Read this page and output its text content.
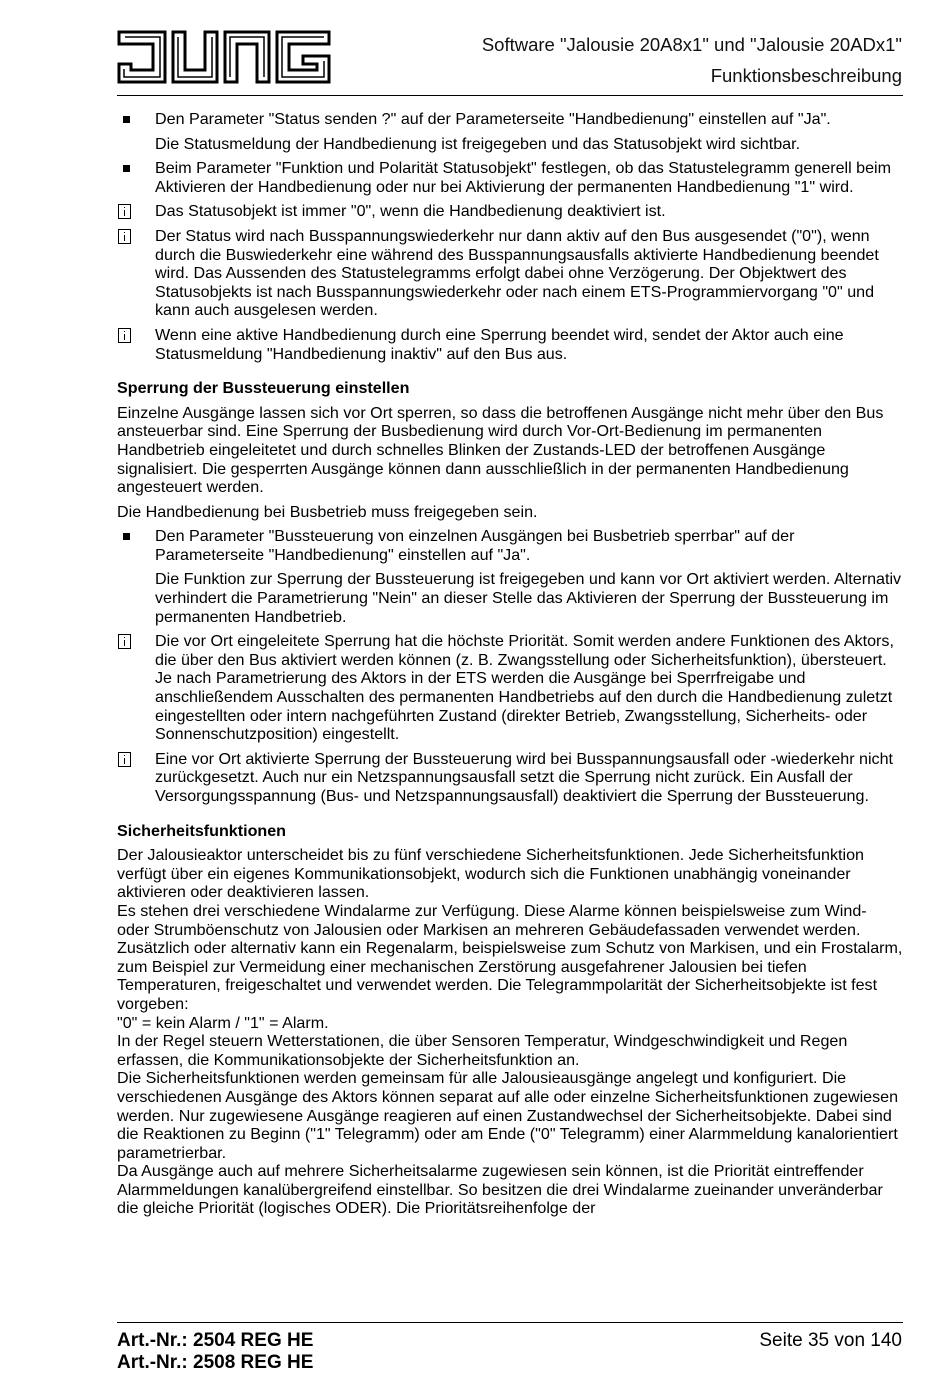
Software "Jalousie 20A8x1" und "Jalousie 20ADx1"
Funktionsbeschreibung
Den Parameter "Status senden ?" auf der Parameterseite "Handbedienung" einstellen auf "Ja".
Die Statusmeldung der Handbedienung ist freigegeben und das Statusobjekt wird sichtbar.
Beim Parameter "Funktion und Polarität Statusobjekt" festlegen, ob das Statustelegramm generell beim Aktivieren der Handbedienung oder nur bei Aktivierung der permanenten Handbedienung "1" wird.
Das Statusobjekt ist immer "0", wenn die Handbedienung deaktiviert ist.
Der Status wird nach Busspannungswiederkehr nur dann aktiv auf den Bus ausgesendet ("0"), wenn durch die Buswiederkehr eine während des Busspannungsausfalls aktivierte Handbedienung beendet wird. Das Aussenden des Statustelegramms erfolgt dabei ohne Verzögerung. Der Objektwert des Statusobjekts ist nach Busspannungswiederkehr oder nach einem ETS-Programmiervorgang "0" und kann auch ausgelesen werden.
Wenn eine aktive Handbedienung durch eine Sperrung beendet wird, sendet der Aktor auch eine Statusmeldung "Handbedienung inaktiv" auf den Bus aus.
Sperrung der Bussteuerung einstellen
Einzelne Ausgänge lassen sich vor Ort sperren, so dass die betroffenen Ausgänge nicht mehr über den Bus ansteuerbar sind. Eine Sperrung der Busbedienung wird durch Vor-Ort-Bedienung im permanenten Handbetrieb eingeleitetet und durch schnelles Blinken der Zustands-LED der betroffenen Ausgänge signalisiert. Die gesperrten Ausgänge können dann ausschließlich in der permanenten Handbedienung angesteuert werden.
Die Handbedienung bei Busbetrieb muss freigegeben sein.
Den Parameter "Bussteuerung von einzelnen Ausgängen bei Busbetrieb sperrbar" auf der Parameterseite "Handbedienung" einstellen auf "Ja".
Die Funktion zur Sperrung der Bussteuerung ist freigegeben und kann vor Ort aktiviert werden. Alternativ verhindert die Parametrierung "Nein" an dieser Stelle das Aktivieren der Sperrung der Bussteuerung im permanenten Handbetrieb.
Die vor Ort eingeleitete Sperrung hat die höchste Priorität. Somit werden andere Funktionen des Aktors, die über den Bus aktiviert werden können (z. B. Zwangsstellung oder Sicherheitsfunktion), übersteuert. Je nach Parametrierung des Aktors in der ETS werden die Ausgänge bei Sperrfreigabe und anschließendem Ausschalten des permanenten Handbetriebs auf den durch die Handbedienung zuletzt eingestellten oder intern nachgeführten Zustand (direkter Betrieb, Zwangsstellung, Sicherheits- oder Sonnenschutzposition) eingestellt.
Eine vor Ort aktivierte Sperrung der Bussteuerung wird bei Busspannungsausfall oder -wiederkehr nicht zurückgesetzt. Auch nur ein Netzspannungsausfall setzt die Sperrung nicht zurück. Ein Ausfall der Versorgungsspannung (Bus- und Netzspannungsausfall) deaktiviert die Sperrung der Bussteuerung.
Sicherheitsfunktionen
Der Jalousieaktor unterscheidet bis zu fünf verschiedene Sicherheitsfunktionen. Jede Sicherheitsfunktion verfügt über ein eigenes Kommunikationsobjekt, wodurch sich die Funktionen unabhängig voneinander aktivieren oder deaktivieren lassen.
Es stehen drei verschiedene Windalarme zur Verfügung. Diese Alarme können beispielsweise zum Wind- oder Strumböenschutz von Jalousien oder Markisen an mehreren Gebäudefassaden verwendet werden. Zusätzlich oder alternativ kann ein Regenalarm, beispielsweise zum Schutz von Markisen, und ein Frostalarm, zum Beispiel zur Vermeidung einer mechanischen Zerstörung ausgefahrener Jalousien bei tiefen Temperaturen, freigeschaltet und verwendet werden. Die Telegrammpolarität der Sicherheitsobjekte ist fest vorgeben:
"0" = kein Alarm / "1" = Alarm.
In der Regel steuern Wetterstationen, die über Sensoren Temperatur, Windgeschwindigkeit und Regen erfassen, die Kommunikationsobjekte der Sicherheitsfunktion an.
Die Sicherheitsfunktionen werden gemeinsam für alle Jalousieausgänge angelegt und konfiguriert. Die verschiedenen Ausgänge des Aktors können separat auf alle oder einzelne Sicherheitsfunktionen zugewiesen werden. Nur zugewiesene Ausgänge reagieren auf einen Zustandwechsel der Sicherheitsobjekte. Dabei sind die Reaktionen zu Beginn ("1" Telegramm) oder am Ende ("0" Telegramm) einer Alarmmeldung kanalorientiert parametrierbar.
Da Ausgänge auch auf mehrere Sicherheitsalarme zugewiesen sein können, ist die Priorität eintreffender Alarmmeldungen kanalübergreifend einstellbar. So besitzen die drei Windalarme zueinander unveränderbar die gleiche Priorität (logisches ODER). Die Prioritätsreihenfolge der
Art.-Nr.: 2504 REG HE
Art.-Nr.: 2508 REG HE
Seite 35 von 140
